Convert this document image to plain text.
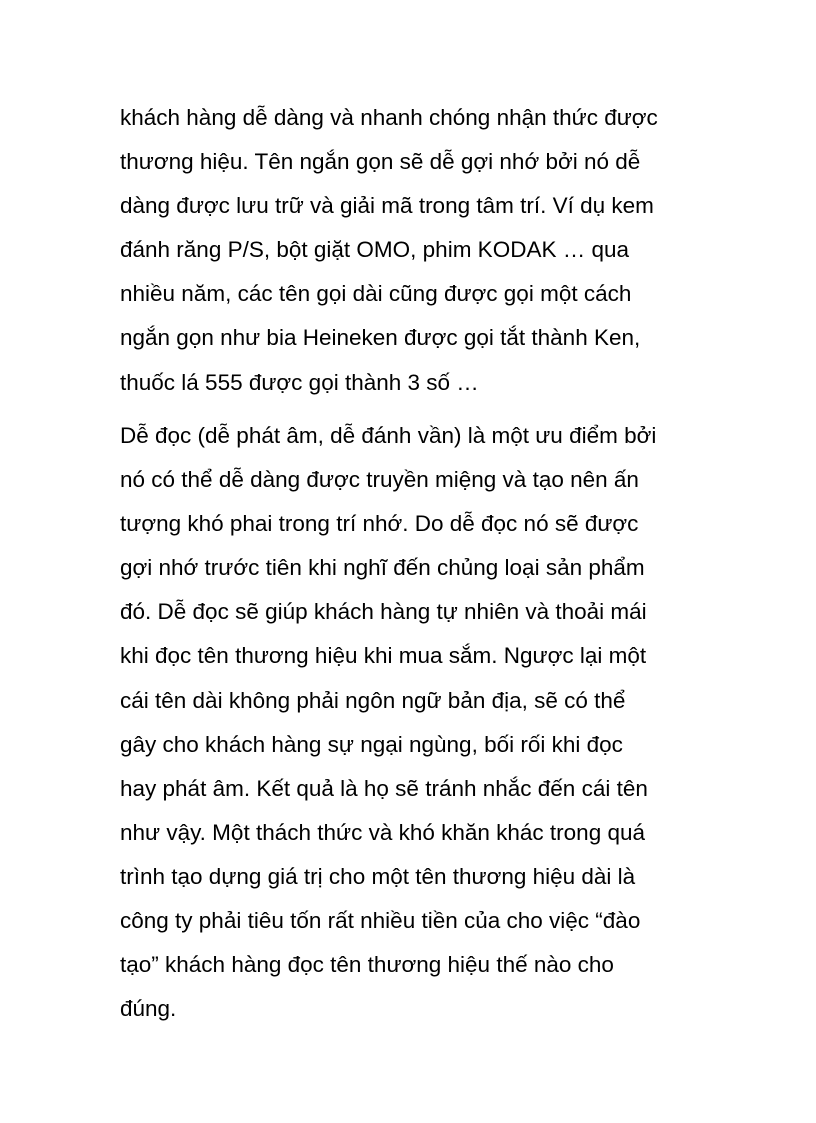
khách hàng dễ dàng và nhanh chóng nhận thức được
thương hiệu. Tên ngắn gọn sẽ dễ gợi nhớ bởi nó dễ
dàng được lưu trữ và giải mã trong tâm trí. Ví dụ kem
đánh răng P/S, bột giặt OMO, phim KODAK … qua
nhiều năm, các tên gọi dài cũng được gọi một cách
ngắn gọn như bia Heineken được gọi tắt thành Ken,
thuốc lá 555 được gọi thành 3 số …
Dễ đọc (dễ phát âm, dễ đánh vần) là một ưu điểm bởi
nó có thể dễ dàng được truyền miệng và tạo nên ấn
tượng khó phai trong trí nhớ. Do dễ đọc nó sẽ được
gợi nhớ trước tiên khi nghĩ đến chủng loại sản phẩm
đó. Dễ đọc sẽ giúp khách hàng tự nhiên và thoải mái
khi đọc tên thương hiệu khi mua sắm. Ngược lại một
cái tên dài không phải ngôn ngữ bản địa, sẽ có thể
gây cho khách hàng sự ngại ngùng, bối rối khi đọc
hay phát âm. Kết quả là họ sẽ tránh nhắc đến cái tên
như vậy. Một thách thức và khó khăn khác trong quá
trình tạo dựng giá trị cho một tên thương hiệu dài là
công ty phải tiêu tốn rất nhiều tiền của cho việc “đào
tạo” khách hàng đọc tên thương hiệu thế nào cho
đúng.
